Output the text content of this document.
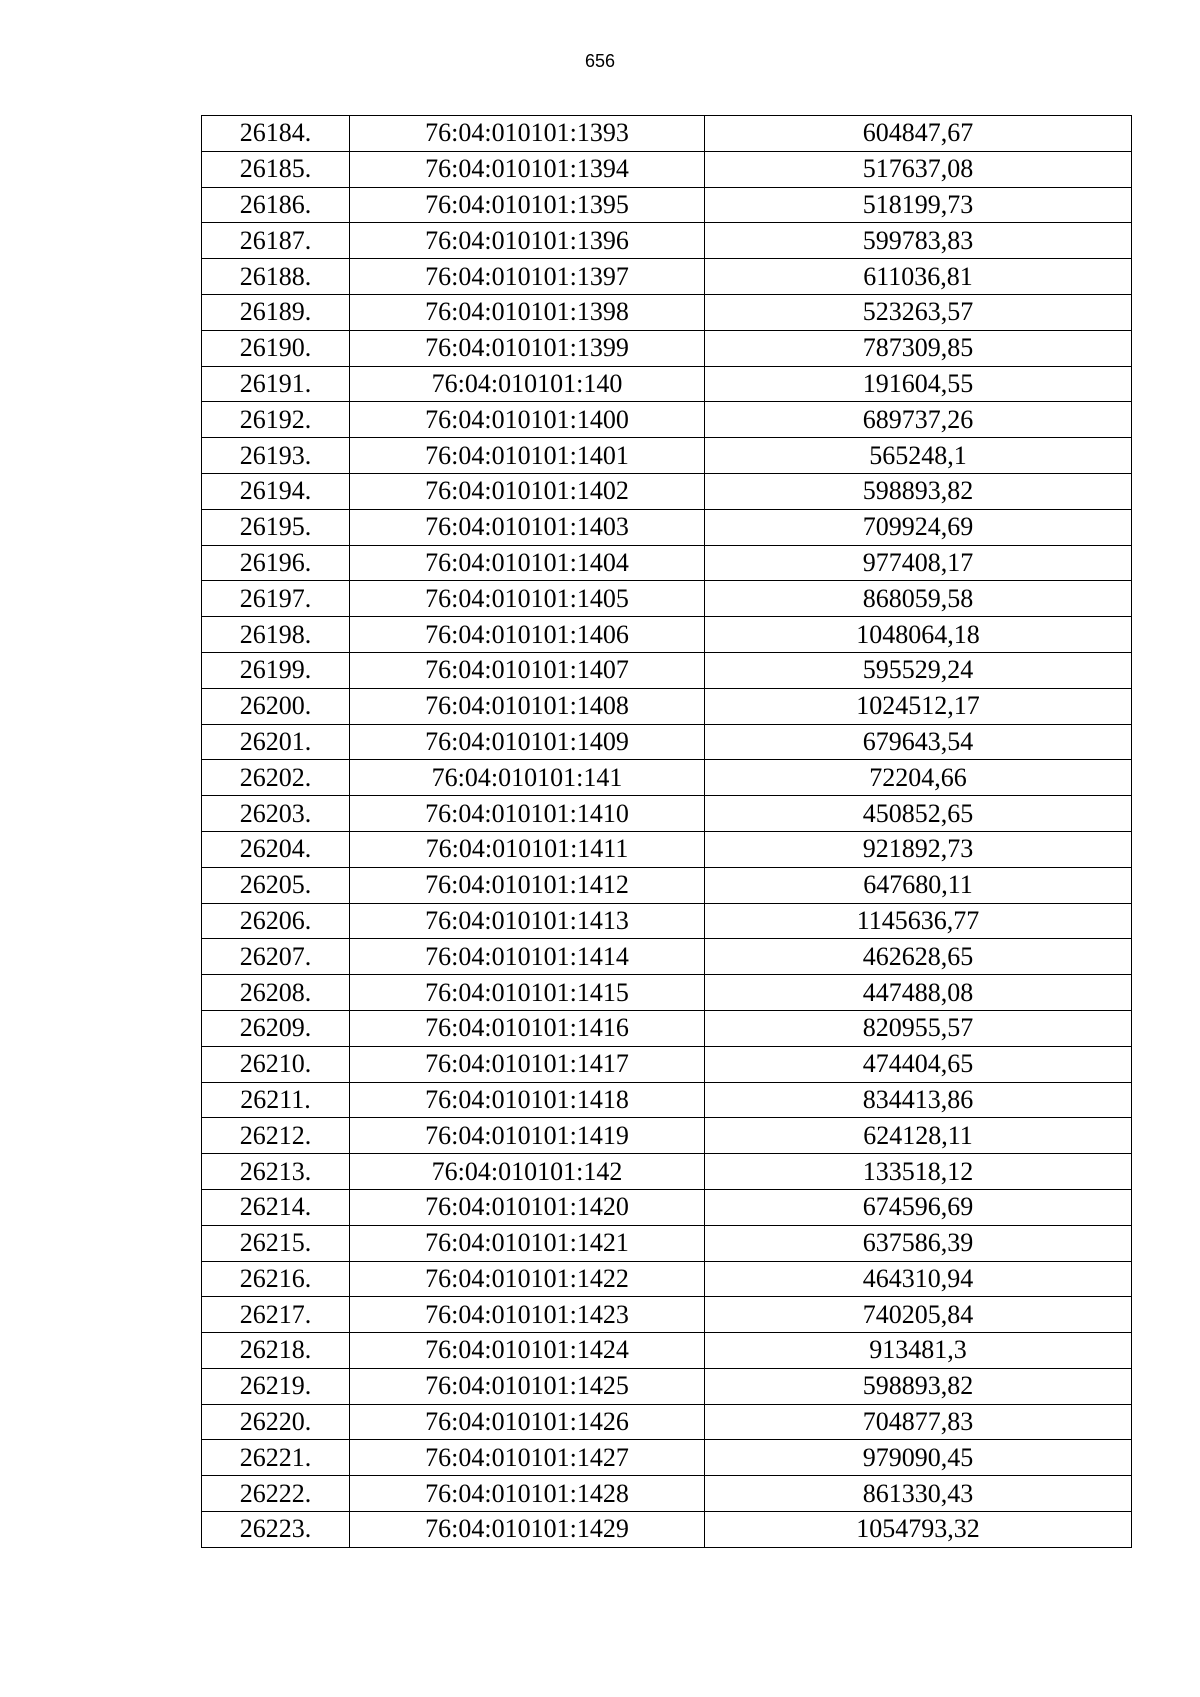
656
26184.	76:04:010101:1393	604847,67
26185.	76:04:010101:1394	517637,08
26186.	76:04:010101:1395	518199,73
26187.	76:04:010101:1396	599783,83
26188.	76:04:010101:1397	611036,81
26189.	76:04:010101:1398	523263,57
26190.	76:04:010101:1399	787309,85
26191.	76:04:010101:140	191604,55
26192.	76:04:010101:1400	689737,26
26193.	76:04:010101:1401	565248,1
26194.	76:04:010101:1402	598893,82
26195.	76:04:010101:1403	709924,69
26196.	76:04:010101:1404	977408,17
26197.	76:04:010101:1405	868059,58
26198.	76:04:010101:1406	1048064,18
26199.	76:04:010101:1407	595529,24
26200.	76:04:010101:1408	1024512,17
26201.	76:04:010101:1409	679643,54
26202.	76:04:010101:141	72204,66
26203.	76:04:010101:1410	450852,65
26204.	76:04:010101:1411	921892,73
26205.	76:04:010101:1412	647680,11
26206.	76:04:010101:1413	1145636,77
26207.	76:04:010101:1414	462628,65
26208.	76:04:010101:1415	447488,08
26209.	76:04:010101:1416	820955,57
26210.	76:04:010101:1417	474404,65
26211.	76:04:010101:1418	834413,86
26212.	76:04:010101:1419	624128,11
26213.	76:04:010101:142	133518,12
26214.	76:04:010101:1420	674596,69
26215.	76:04:010101:1421	637586,39
26216.	76:04:010101:1422	464310,94
26217.	76:04:010101:1423	740205,84
26218.	76:04:010101:1424	913481,3
26219.	76:04:010101:1425	598893,82
26220.	76:04:010101:1426	704877,83
26221.	76:04:010101:1427	979090,45
26222.	76:04:010101:1428	861330,43
26223.	76:04:010101:1429	1054793,32
